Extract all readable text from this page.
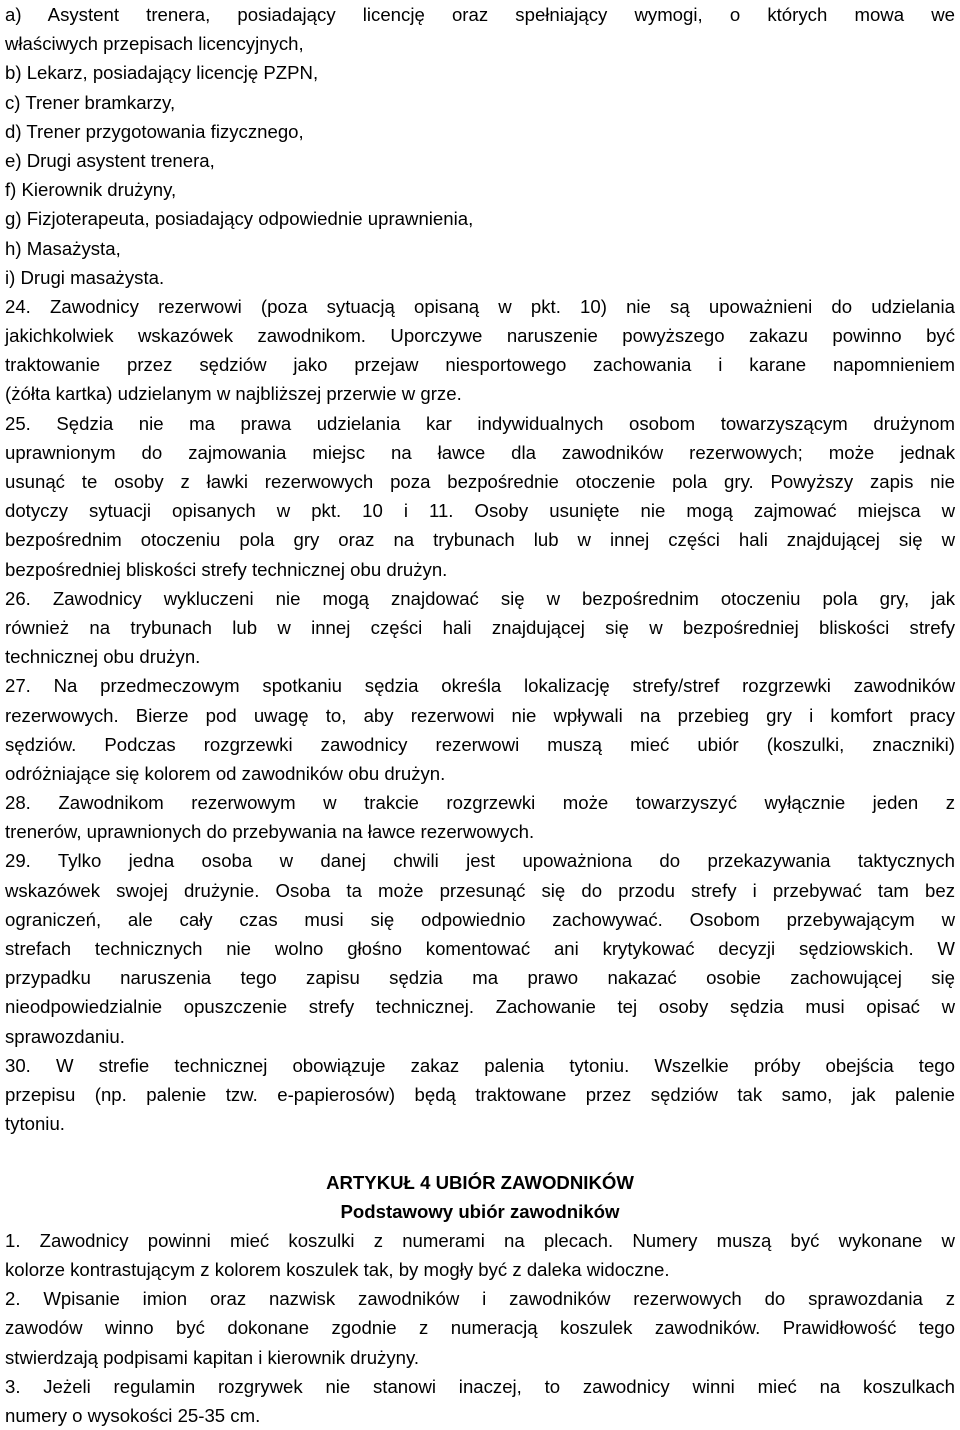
a) Asystent trenera, posiadający licencję oraz spełniający wymogi, o których mowa we
właściwych przepisach licencyjnych,
b) Lekarz, posiadający licencję PZPN,
c) Trener bramkarzy,
d) Trener przygotowania fizycznego,
e) Drugi asystent trenera,
f) Kierownik drużyny,
g) Fizjoterapeuta, posiadający odpowiednie uprawnienia,
h) Masażysta,
i) Drugi masażysta.
24. Zawodnicy rezerwowi (poza sytuacją opisaną w pkt. 10) nie są upoważnieni do udzielania
jakichkolwiek wskazówek zawodnikom. Uporczywe naruszenie powyższego zakazu powinno być
traktowanie przez sędziów jako przejaw niesportowego zachowania i karane napomnieniem
(żółta kartka) udzielanym w najbliższej przerwie w grze.
25. Sędzia nie ma prawa udzielania kar indywidualnych osobom towarzyszącym drużynom
uprawnionym do zajmowania miejsc na ławce dla zawodników rezerwowych; może jednak
usunąć te osoby z ławki rezerwowych poza bezpośrednie otoczenie pola gry. Powyższy zapis nie
dotyczy sytuacji opisanych w pkt. 10 i 11. Osoby usunięte nie mogą zajmować miejsca w
bezpośrednim otoczeniu pola gry oraz na trybunach lub w innej części hali znajdującej się w
bezpośredniej bliskości strefy technicznej obu drużyn.
26. Zawodnicy wykluczeni nie mogą znajdować się w bezpośrednim otoczeniu pola gry, jak
również na trybunach lub w innej części hali znajdującej się w bezpośredniej bliskości strefy
technicznej obu drużyn.
27. Na przedmeczowym spotkaniu sędzia określa lokalizację strefy/stref rozgrzewki zawodników
rezerwowych. Bierze pod uwagę to, aby rezerwowi nie wpływali na przebieg gry i komfort pracy
sędziów. Podczas rozgrzewki zawodnicy rezerwowi muszą mieć ubiór (koszulki, znaczniki)
odróżniające się kolorem od zawodników obu drużyn.
28. Zawodnikom rezerwowym w trakcie rozgrzewki może towarzyszyć wyłącznie jeden z
trenerów, uprawnionych do przebywania na ławce rezerwowych.
29. Tylko jedna osoba w danej chwili jest upoważniona do przekazywania taktycznych
wskazówek swojej drużynie. Osoba ta może przesunąć się do przodu strefy i przebywać tam bez
ograniczeń, ale cały czas musi się odpowiednio zachowywać. Osobom przebywającym w
strefach technicznych nie wolno głośno komentować ani krytykować decyzji sędziowskich. W
przypadku naruszenia tego zapisu sędzia ma prawo nakazać osobie zachowującej się
nieodpowiedzialnie opuszczenie strefy technicznej. Zachowanie tej osoby sędzia musi opisać w
sprawozdaniu.
30. W strefie technicznej obowiązuje zakaz palenia tytoniu. Wszelkie próby obejścia tego
przepisu (np. palenie tzw. e-papierosów) będą traktowane przez sędziów tak samo, jak palenie
tytoniu.
ARTYKUŁ 4 UBIÓR ZAWODNIKÓW
Podstawowy ubiór zawodników
1. Zawodnicy powinni mieć koszulki z numerami na plecach. Numery muszą być wykonane w
kolorze kontrastującym z kolorem koszulek tak, by mogły być z daleka widoczne.
2. Wpisanie imion oraz nazwisk zawodników i zawodników rezerwowych do sprawozdania z
zawodów winno być dokonane zgodnie z numeracją koszulek zawodników. Prawidłowość tego
stwierdzają podpisami kapitan i kierownik drużyny.
3. Jeżeli regulamin rozgrywek nie stanowi inaczej, to zawodnicy winni mieć na koszulkach
numery o wysokości 25-35 cm.
